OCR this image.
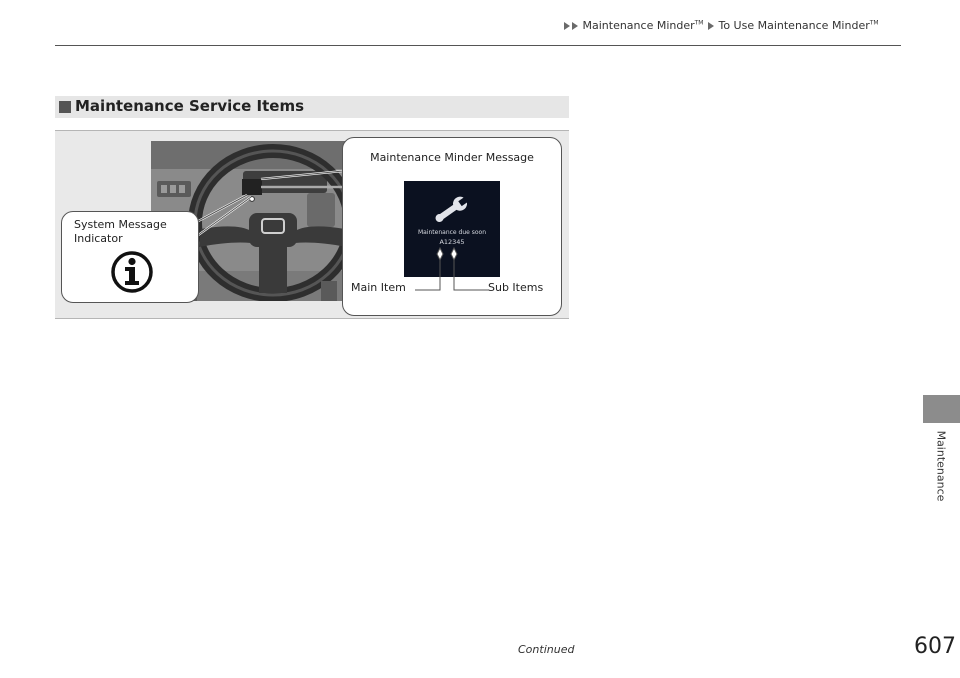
Maintenance Minder™ To Use Maintenance Minder™
Maintenance
Maintenance Service Items
System Message Indicator
Maintenance Minder Message
Maintenance due soon
A12345
Main Item	Sub Items
Continued	607
